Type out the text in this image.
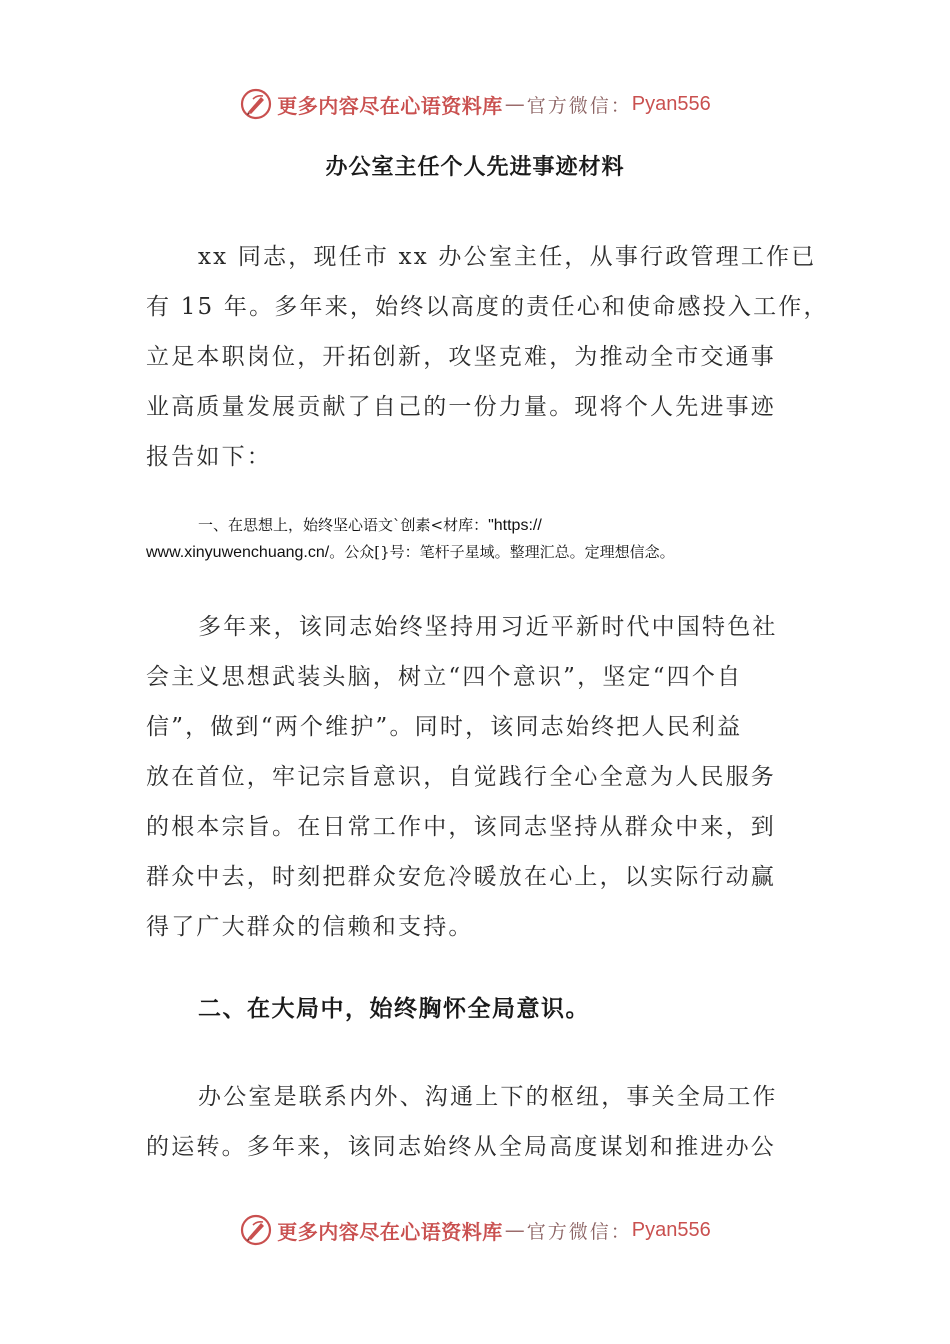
更多内容尽在心语资料库 — 官方微信： Pyan556
办公室主任个人先进事迹材料
xx 同志，现任市 xx 办公室主任，从事行政管理工作已
有 15 年。多年来，始终以高度的责任心和使命感投入工作，
立足本职岗位，开拓创新，攻坚克难，为推动全市交通事
业高质量发展贡献了自己的一份力量。现将个人先进事迹
报告如下：
一、在思想上，始终坚心语文`创素<材库："https://
www.xinyuwenchuang.cn/。公众[}号：笔杆子星域。整理汇总。定理想信念。
多年来，该同志始终坚持用习近平新时代中国特色社
会主义思想武装头脑，树立“四个意识”，坚定“四个自
信”，做到“两个维护”。同时，该同志始终把人民利益
放在首位，牢记宗旨意识，自觉践行全心全意为人民服务
的根本宗旨。在日常工作中，该同志坚持从群众中来，到
群众中去，时刻把群众安危冷暖放在心上，以实际行动赢
得了广大群众的信赖和支持。
二、在大局中，始终胸怀全局意识。
办公室是联系内外、沟通上下的枢纽，事关全局工作
的运转。多年来，该同志始终从全局高度谋划和推进办公
更多内容尽在心语资料库 — 官方微信： Pyan556
